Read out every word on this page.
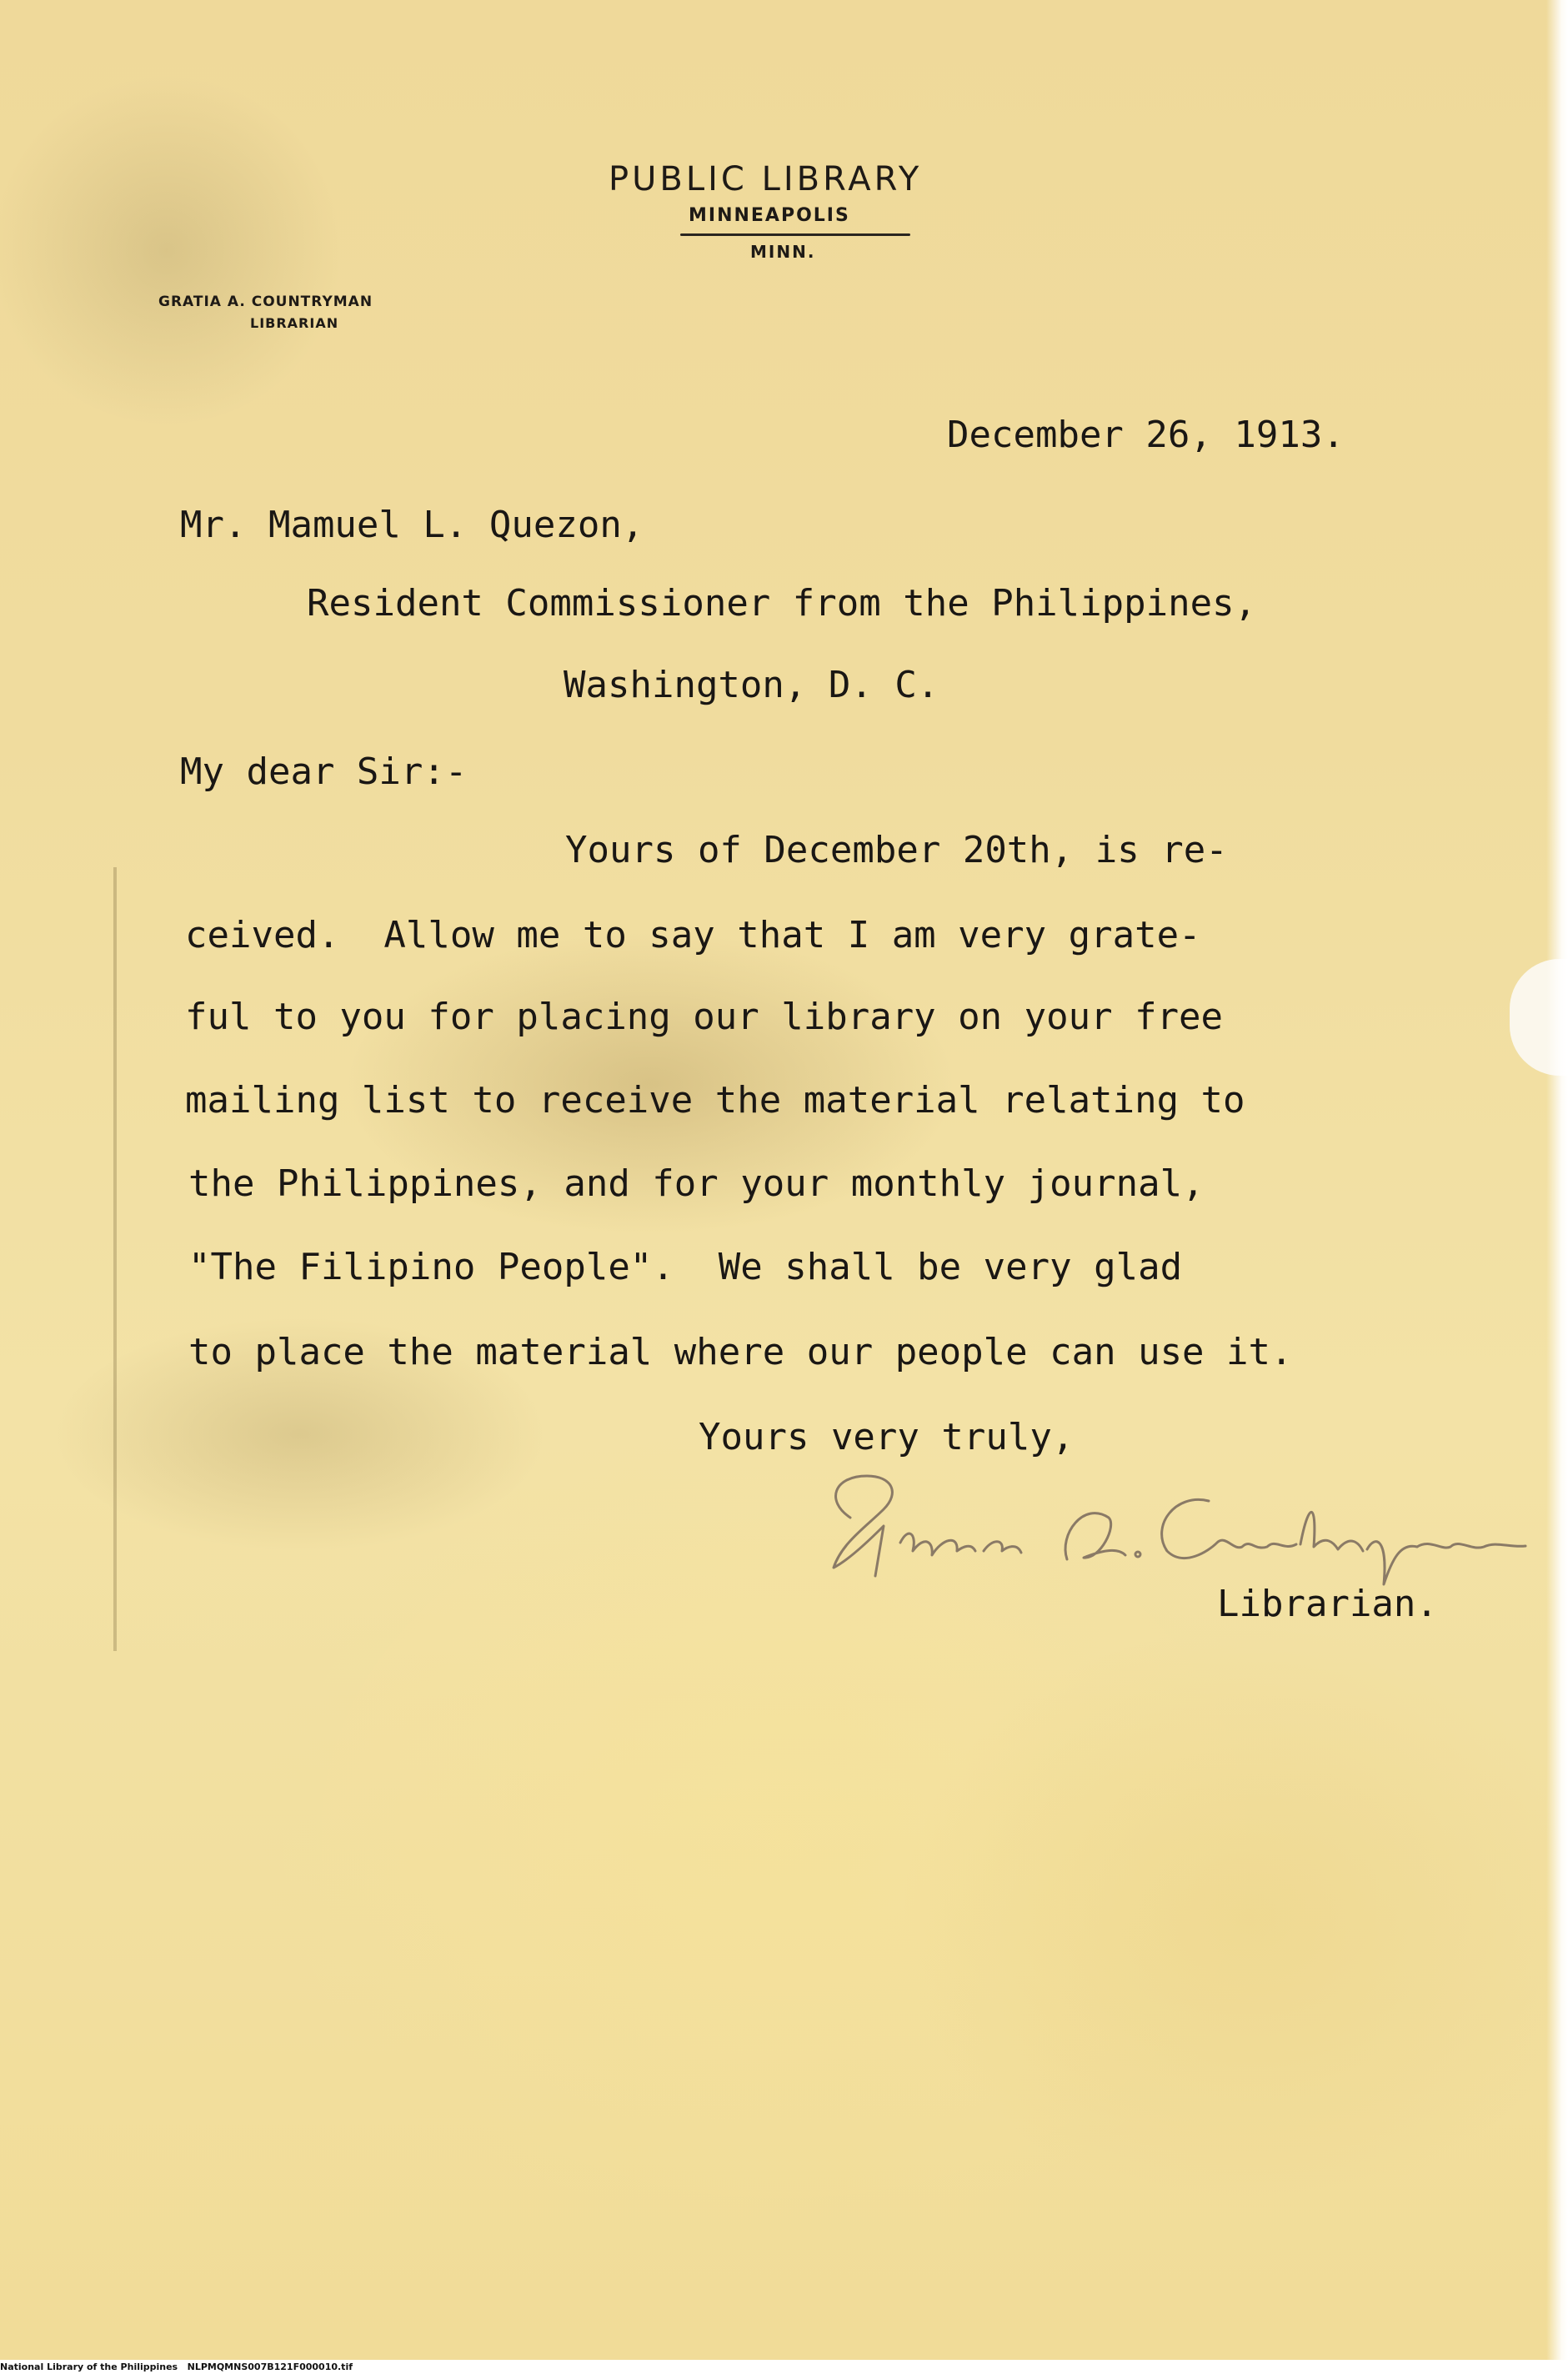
PUBLIC LIBRARY
MINNEAPOLIS
MINN.
GRATIA A. COUNTRYMAN
LIBRARIAN
December 26, 1913.
Mr. Mamuel L. Quezon,
Resident Commissioner from the Philippines,
Washington, D. C.
My dear Sir:-
Yours of December 20th, is re-
ceived.  Allow me to say that I am very grate-
ful to you for placing our library on your free
mailing list to receive the material relating to
the Philippines, and for your monthly journal,
"The Filipino People".  We shall be very glad
to place the material where our people can use it.
Yours very truly,
Librarian.
National Library of the Philippines NLPMQMNS007B121F000010.tif
